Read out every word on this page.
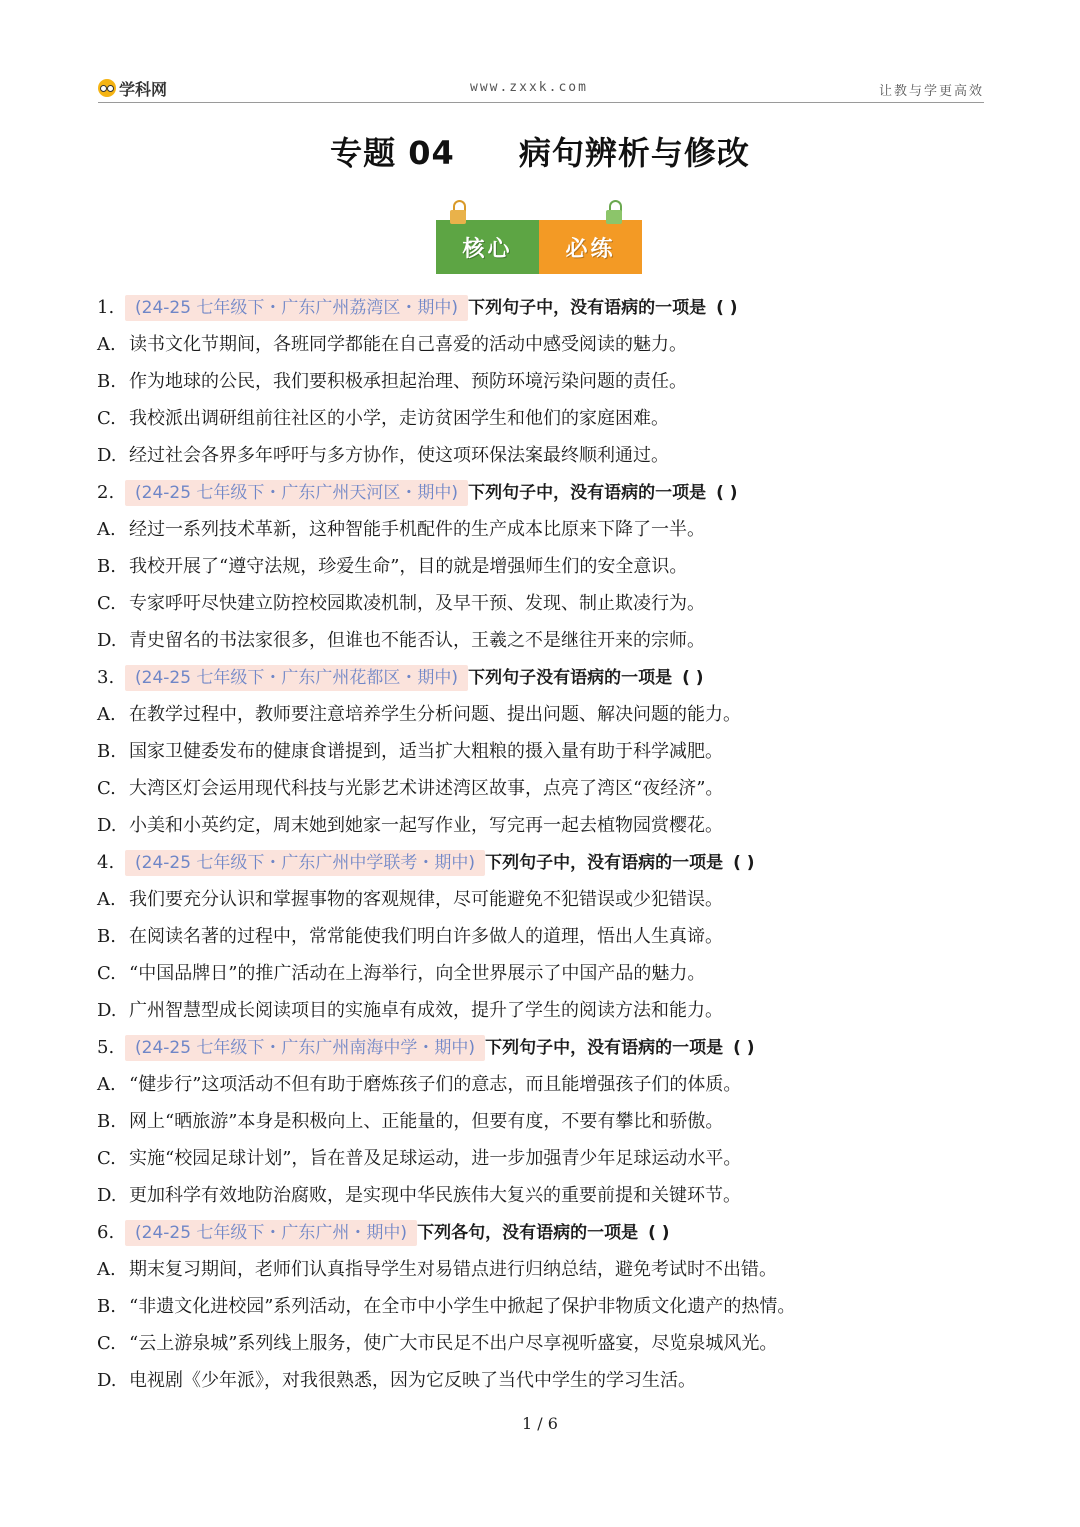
学科网	www.zxxk.com	让教与学更高效
专题 04 病句辨析与修改
核心	必练
1. (24-25 七年级下・广东广州荔湾区・期中) 下列句子中，没有语病的一项是 ( )
A. 读书文化节期间，各班同学都能在自己喜爱的活动中感受阅读的魅力。
B. 作为地球的公民，我们要积极承担起治理、预防环境污染问题的责任。
C. 我校派出调研组前往社区的小学，走访贫困学生和他们的家庭困难。
D. 经过社会各界多年呼吁与多方协作，使这项环保法案最终顺利通过。
2. (24-25 七年级下・广东广州天河区・期中) 下列句子中，没有语病的一项是 ( )
A. 经过一系列技术革新，这种智能手机配件的生产成本比原来下降了一半。
B. 我校开展了“遵守法规，珍爱生命”，目的就是增强师生们的安全意识。
C. 专家呼吁尽快建立防控校园欺凌机制，及早干预、发现、制止欺凌行为。
D. 青史留名的书法家很多，但谁也不能否认，王羲之不是继往开来的宗师。
3. (24-25 七年级下・广东广州花都区・期中) 下列句子没有语病的一项是 ( )
A. 在教学过程中，教师要注意培养学生分析问题、提出问题、解决问题的能力。
B. 国家卫健委发布的健康食谱提到，适当扩大粗粮的摄入量有助于科学减肥。
C. 大湾区灯会运用现代科技与光影艺术讲述湾区故事，点亮了湾区“夜经济”。
D. 小美和小英约定，周末她到她家一起写作业，写完再一起去植物园赏樱花。
4. (24-25 七年级下・广东广州中学联考・期中) 下列句子中，没有语病的一项是 ( )
A. 我们要充分认识和掌握事物的客观规律，尽可能避免不犯错误或少犯错误。
B. 在阅读名著的过程中，常常能使我们明白许多做人的道理，悟出人生真谛。
C. “中国品牌日”的推广活动在上海举行，向全世界展示了中国产品的魅力。
D. 广州智慧型成长阅读项目的实施卓有成效，提升了学生的阅读方法和能力。
5. (24-25 七年级下・广东广州南海中学・期中) 下列句子中，没有语病的一项是 ( )
A. “健步行”这项活动不但有助于磨炼孩子们的意志，而且能增强孩子们的体质。
B. 网上“晒旅游”本身是积极向上、正能量的，但要有度，不要有攀比和骄傲。
C. 实施“校园足球计划”，旨在普及足球运动，进一步加强青少年足球运动水平。
D. 更加科学有效地防治腐败，是实现中华民族伟大复兴的重要前提和关键环节。
6. (24-25 七年级下・广东广州・期中) 下列各句，没有语病的一项是 ( )
A. 期末复习期间，老师们认真指导学生对易错点进行归纳总结，避免考试时不出错。
B. “非遗文化进校园”系列活动，在全市中小学生中掀起了保护非物质文化遗产的热情。
C. “云上游泉城”系列线上服务，使广大市民足不出户尽享视听盛宴，尽览泉城风光。
D. 电视剧《少年派》，对我很熟悉，因为它反映了当代中学生的学习生活。
1 / 6
